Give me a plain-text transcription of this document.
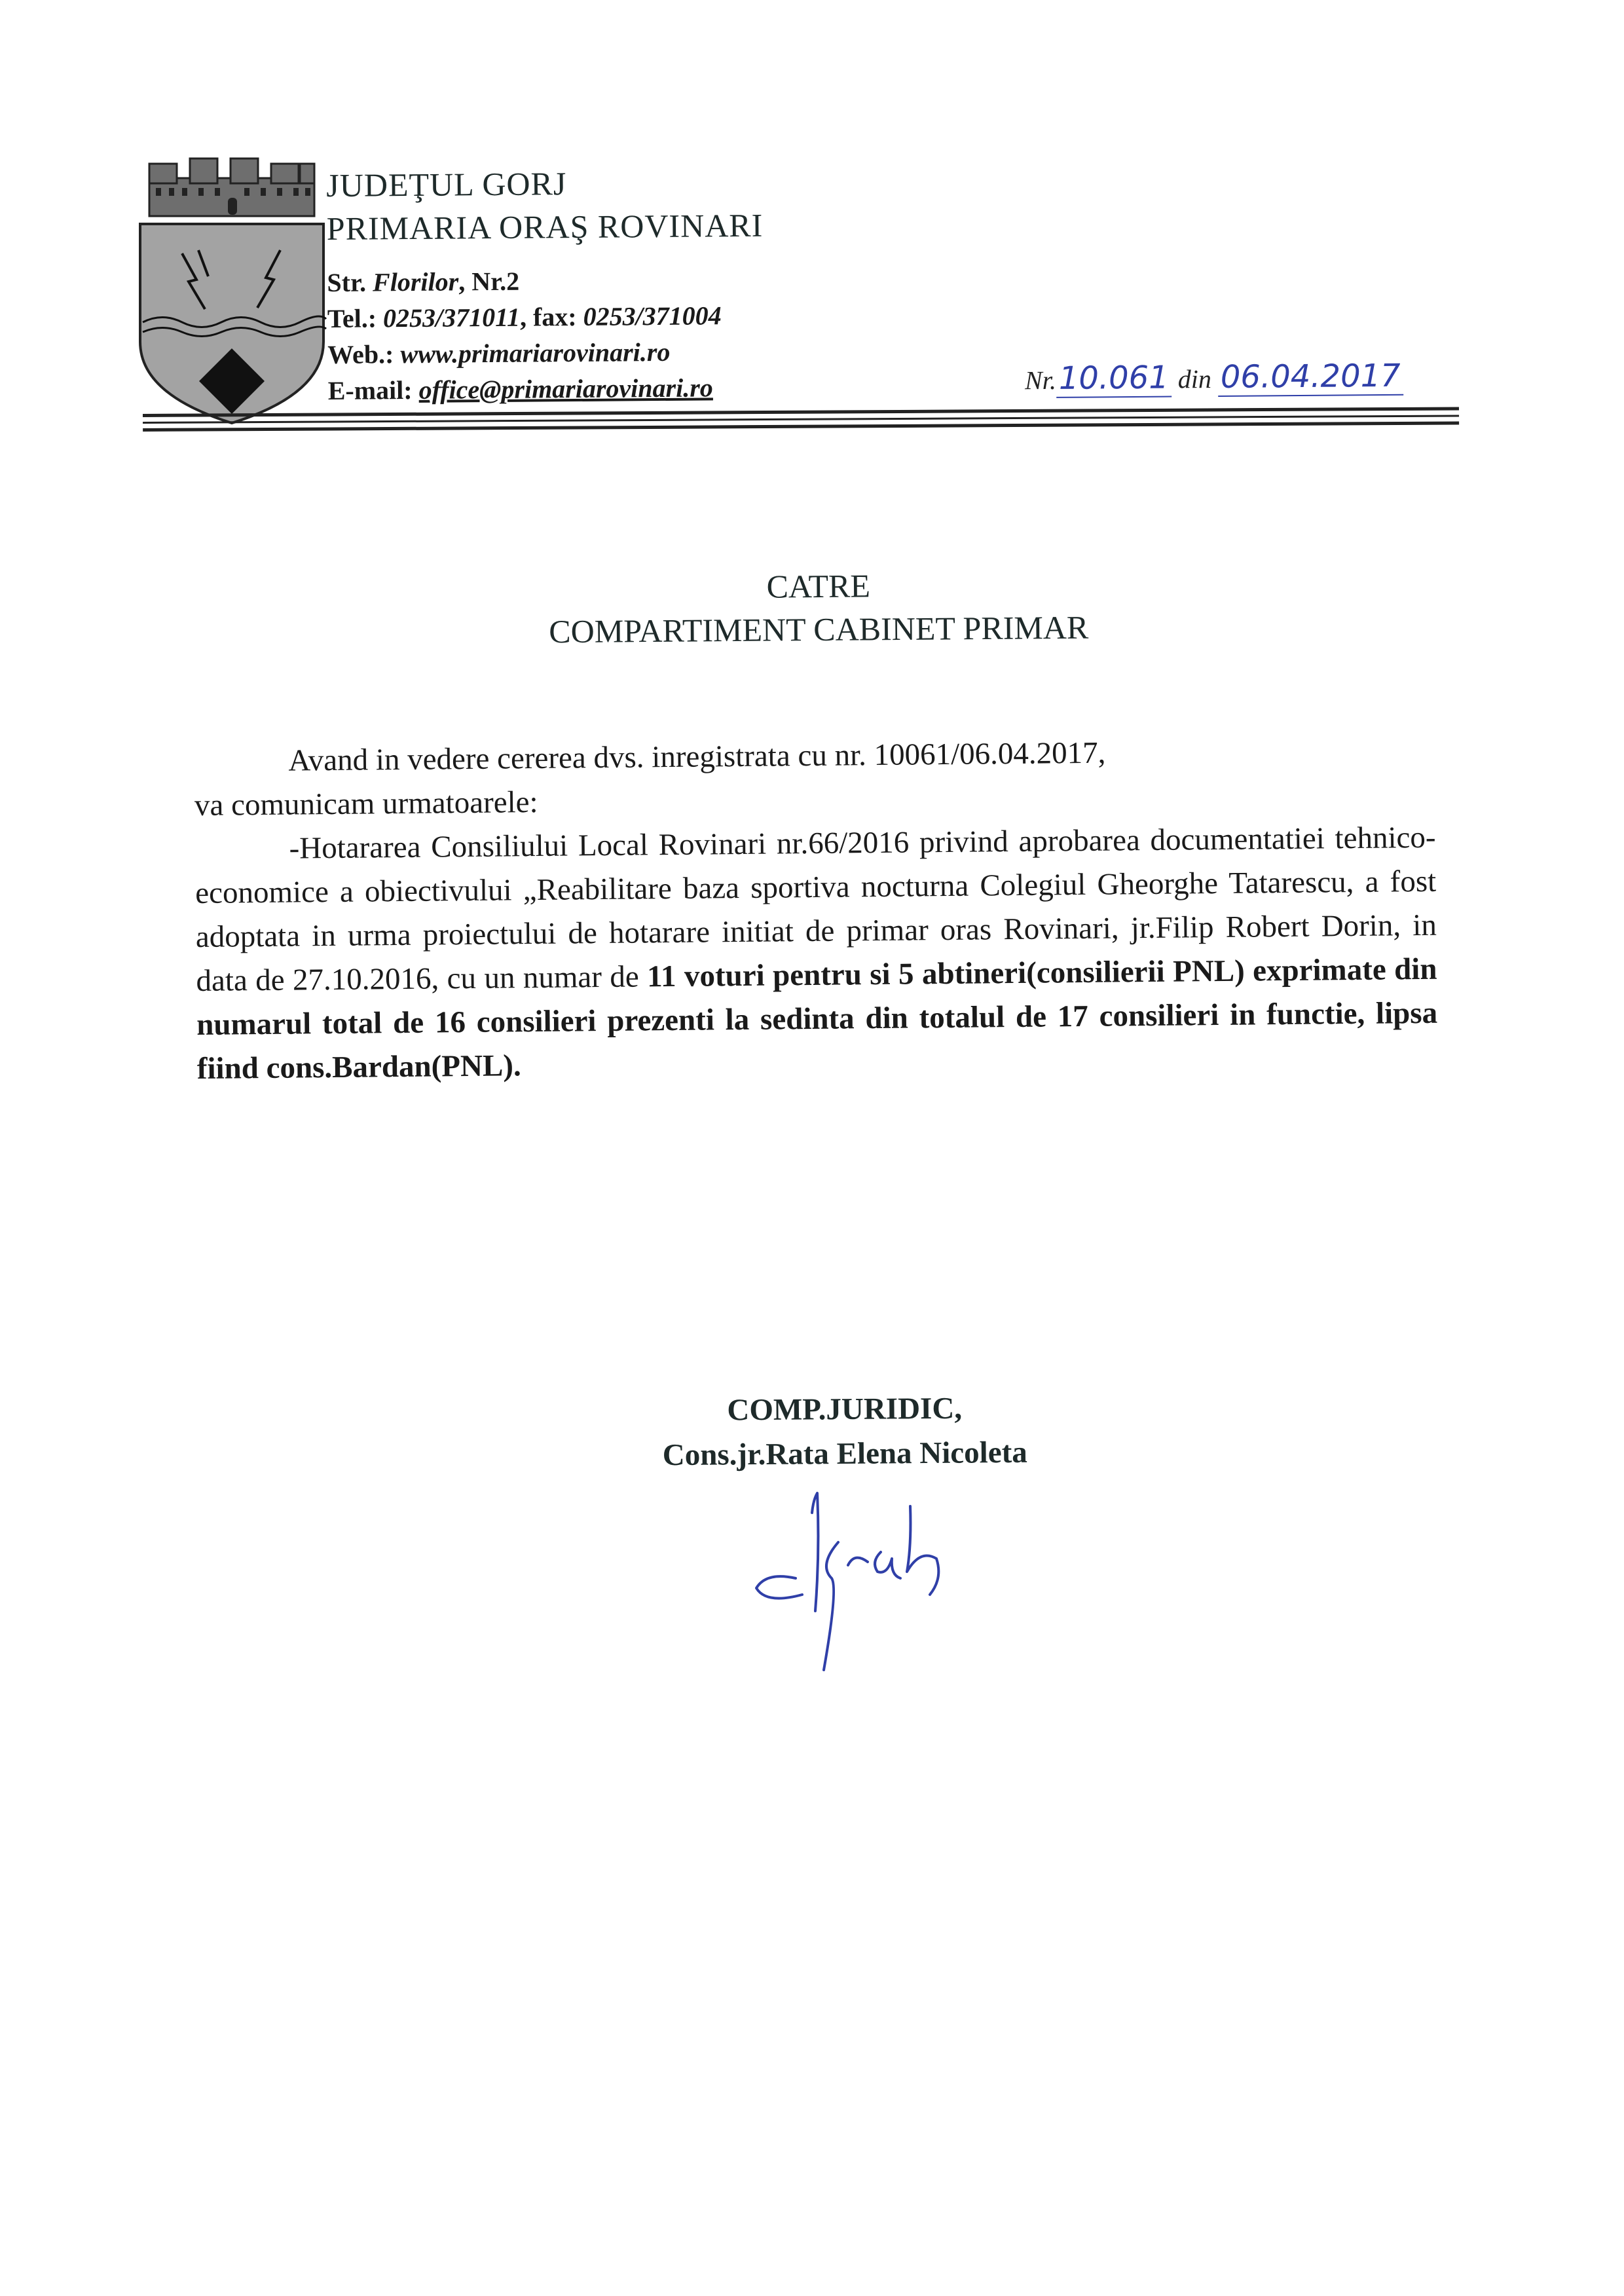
JUDEŢUL GORJ
PRIMARIA ORAŞ ROVINARI
Str. Florilor, Nr.2
Tel.: 0253/371011, fax: 0253/371004
Web.: www.primariarovinari.ro
E-mail: office@primariarovinari.ro	Nr.10.061 din 06.04.2017
CATRE
COMPARTIMENT CABINET PRIMAR

Avand in vedere cererea dvs. inregistrata cu nr. 10061/06.04.2017,

va comunicam urmatoarele:

-Hotararea Consiliului Local Rovinari nr.66/2016 privind aprobarea documentatiei tehnico-economice a obiectivului „Reabilitare baza sportiva nocturna Colegiul Gheorghe Tatarescu, a fost adoptata in urma proiectului de hotarare initiat de primar oras Rovinari, jr.Filip Robert Dorin, in data de 27.10.2016, cu un numar de 11 voturi pentru si 5 abtineri(consilierii PNL) exprimate din numarul total de 16 consilieri prezenti la sedinta din totalul de 17 consilieri in functie, lipsa fiind cons.Bardan(PNL).

COMP.JURIDIC,
Cons.jr.Rata Elena Nicoleta
